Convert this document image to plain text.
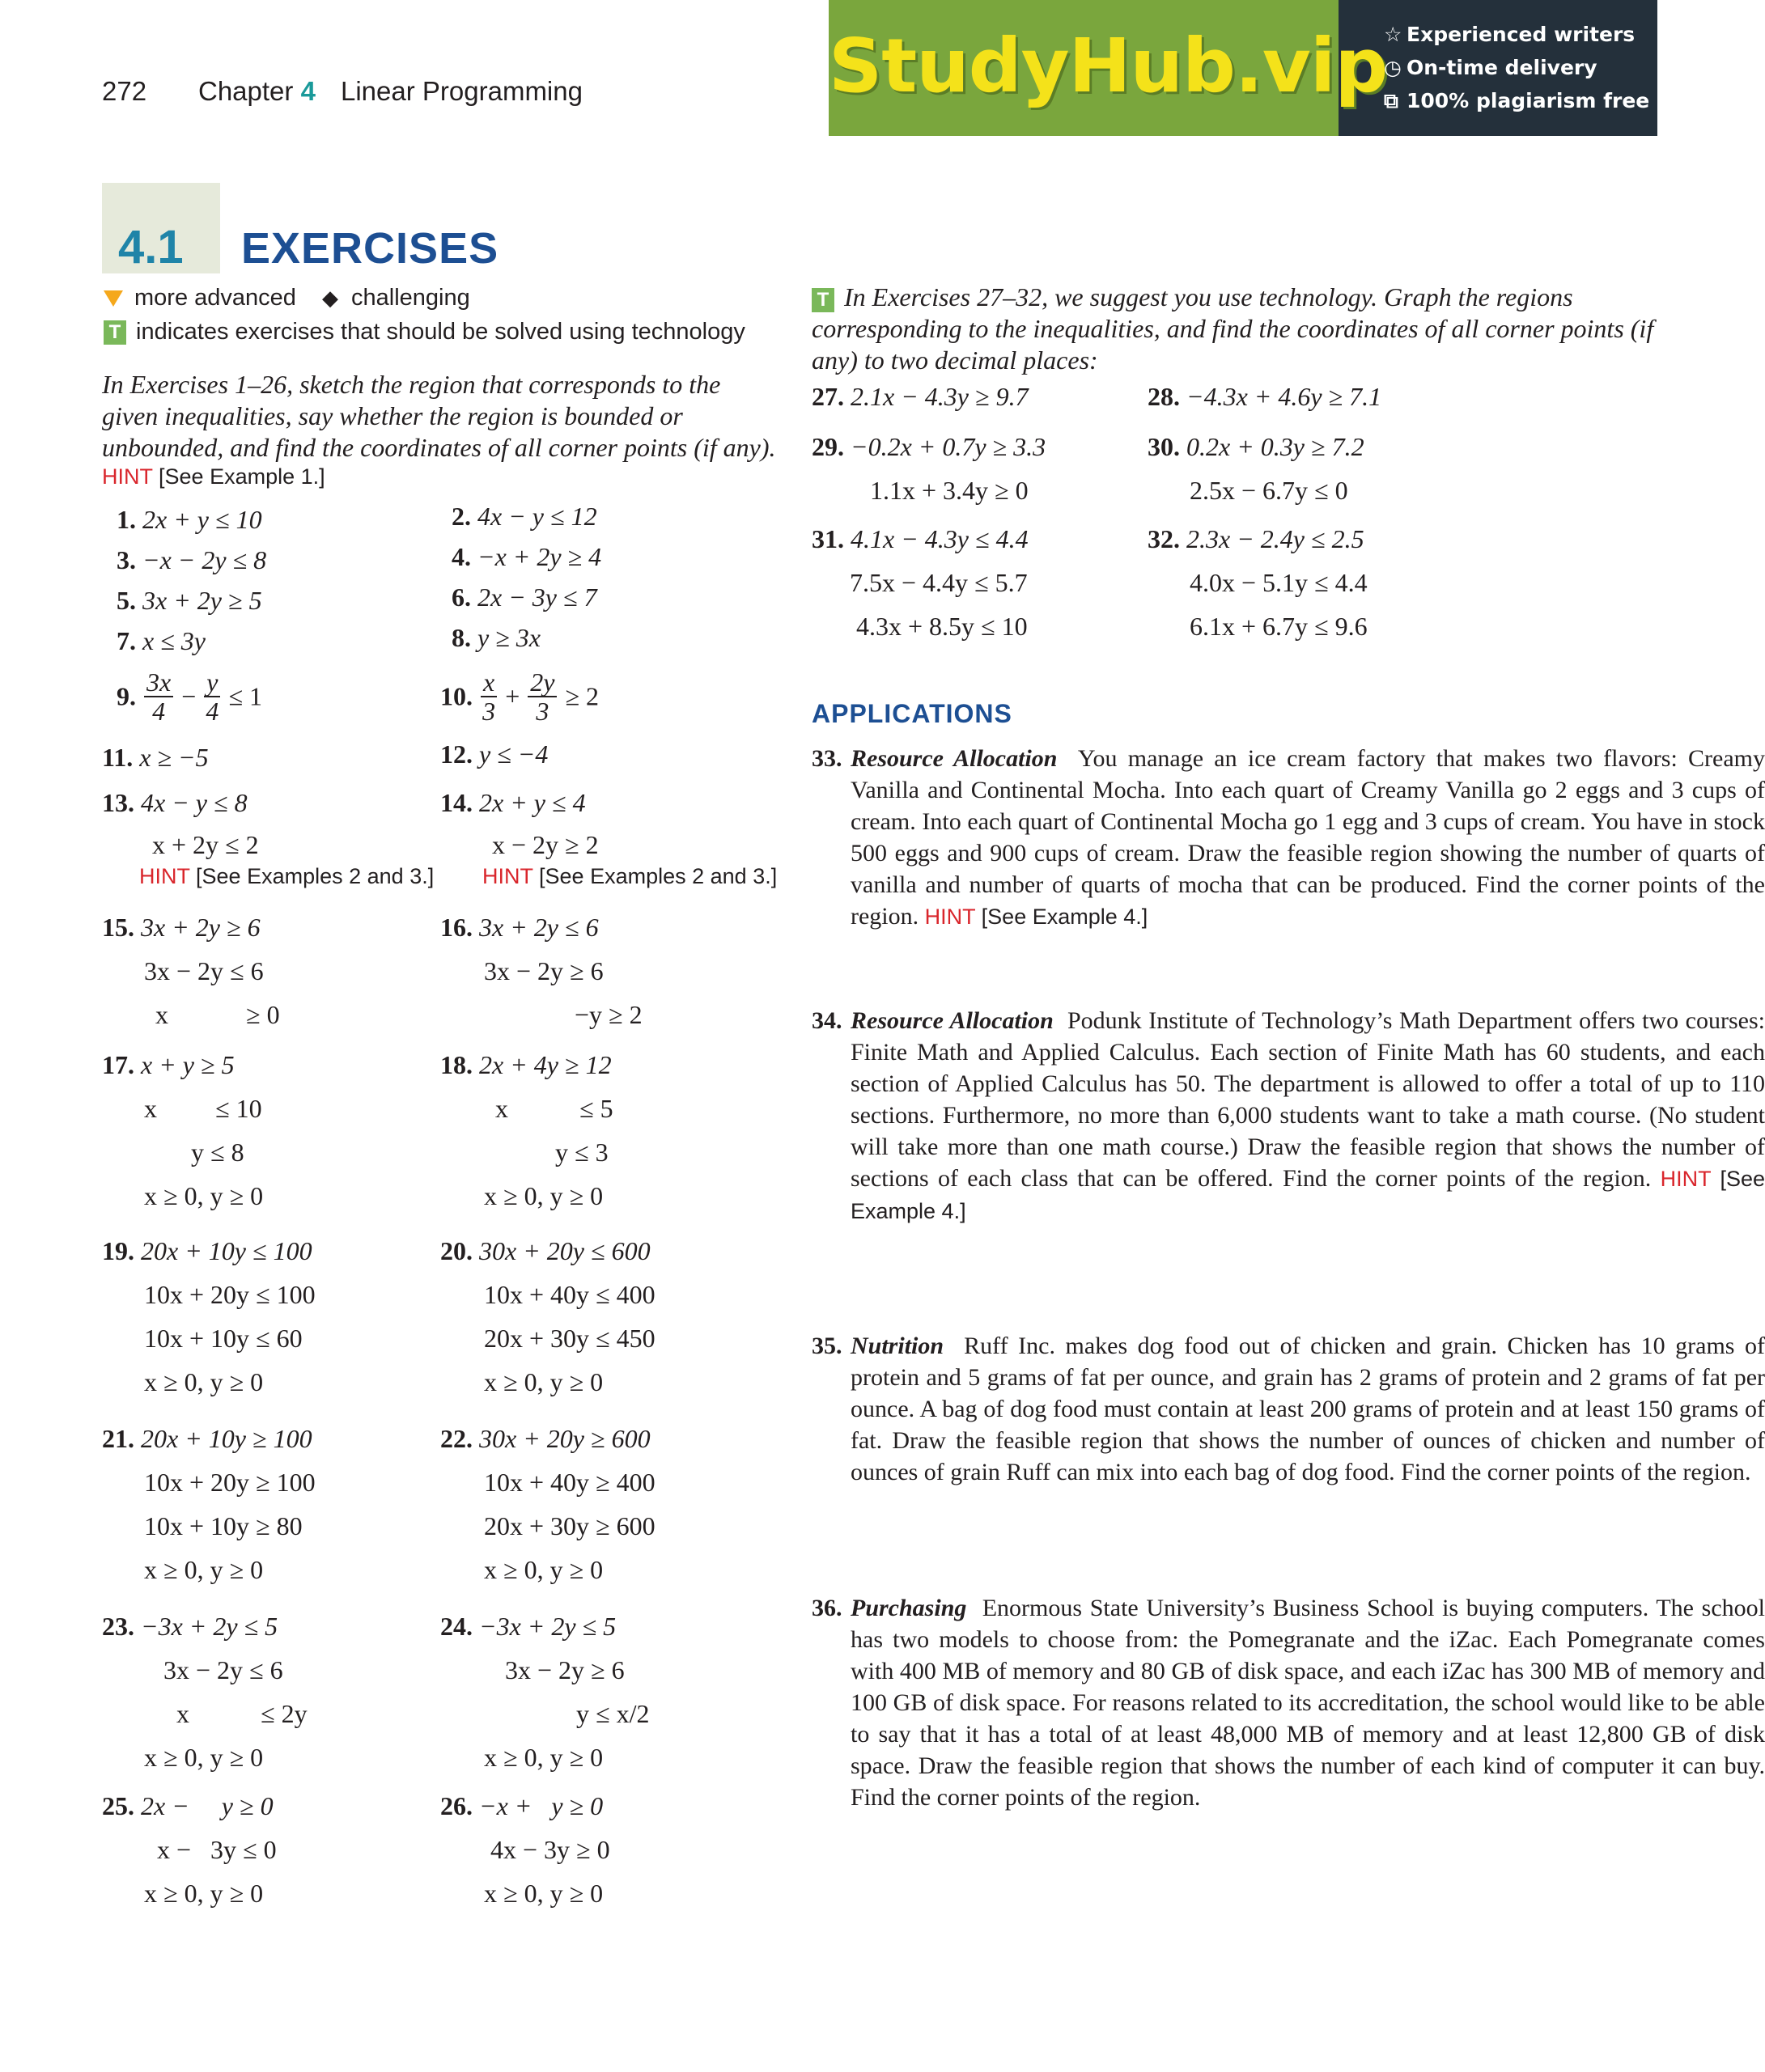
272 Chapter 4 Linear Programming	StudyHub.vip
☆ Experienced writers
◷ On-time delivery
⧉ 100% plagiarism free
4.1 EXERCISES
more advanced ◆ challenging
T indicates exercises that should be solved using technology
In Exercises 1–26, sketch the region that corresponds to the given inequalities, say whether the region is bounded or unbounded, and find the coordinates of all corner points (if any).
HINT [See Example 1.]
1. 2x + y ≤ 10	2. 4x − y ≤ 12
3. −x − 2y ≤ 8	4. −x + 2y ≥ 4
5. 3x + 2y ≥ 5	6. 2x − 3y ≤ 7
7. x ≤ 3y	8. y ≥ 3x
9. $\frac{3x}{4} - \frac{y}{4} \le 1$	10. $\frac{x}{3} + \frac{2y}{3} \ge 2$
11. x ≥ −5	12. y ≤ −4
13. 4x − y ≤ 8
x + 2y ≤ 2
HINT [See Examples 2 and 3.]
14. 2x + y ≤ 4
x − 2y ≥ 2
HINT [See Examples 2 and 3.]
15. 3x + 2y ≥ 6
3x − 2y ≤ 6
x            ≥ 0
16. 3x + 2y ≤ 6
3x − 2y ≥ 6
−y ≥ 2
17. x + y ≥ 5
x         ≤ 10
y ≤ 8
x ≥ 0, y ≥ 0
18. 2x + 4y ≥ 12
x           ≤ 5
y ≤ 3
x ≥ 0, y ≥ 0
19. 20x + 10y ≤ 100
10x + 20y ≤ 100
10x + 10y ≤ 60
x ≥ 0, y ≥ 0
20. 30x + 20y ≤ 600
10x + 40y ≤ 400
20x + 30y ≤ 450
x ≥ 0, y ≥ 0
21. 20x + 10y ≥ 100
10x + 20y ≥ 100
10x + 10y ≥ 80
x ≥ 0, y ≥ 0
22. 30x + 20y ≥ 600
10x + 40y ≥ 400
20x + 30y ≥ 600
x ≥ 0, y ≥ 0
23. −3x + 2y ≤ 5
3x − 2y ≤ 6
x           ≤ 2y
x ≥ 0, y ≥ 0
24. −3x + 2y ≤ 5
3x − 2y ≥ 6
y ≤ x/2
x ≥ 0, y ≥ 0
25. 2x −     y ≥ 0
x −   3y ≤ 0
x ≥ 0, y ≥ 0
26. −x +   y ≥ 0
4x − 3y ≥ 0
x ≥ 0, y ≥ 0
T In Exercises 27–32, we suggest you use technology. Graph the regions corresponding to the inequalities, and find the coordinates of all corner points (if any) to two decimal places:
27. 2.1x − 4.3y ≥ 9.7	28. −4.3x + 4.6y ≥ 7.1
29. −0.2x + 0.7y ≥ 3.3
1.1x + 3.4y ≥ 0
30. 0.2x + 0.3y ≥ 7.2
2.5x − 6.7y ≤ 0
31. 4.1x − 4.3y ≤ 4.4
7.5x − 4.4y ≤ 5.7
4.3x + 8.5y ≤ 10
32. 2.3x − 2.4y ≤ 2.5
4.0x − 5.1y ≤ 4.4
6.1x + 6.7y ≤ 9.6
APPLICATIONS
33. Resource Allocation You manage an ice cream factory that makes two flavors: Creamy Vanilla and Continental Mocha. Into each quart of Creamy Vanilla go 2 eggs and 3 cups of cream. Into each quart of Continental Mocha go 1 egg and 3 cups of cream. You have in stock 500 eggs and 900 cups of cream. Draw the feasible region showing the number of quarts of vanilla and number of quarts of mocha that can be produced. Find the corner points of the region. HINT [See Example 4.]
34. Resource Allocation Podunk Institute of Technology’s Math Department offers two courses: Finite Math and Applied Calculus. Each section of Finite Math has 60 students, and each section of Applied Calculus has 50. The department is allowed to offer a total of up to 110 sections. Furthermore, no more than 6,000 students want to take a math course. (No student will take more than one math course.) Draw the feasible region that shows the number of sections of each class that can be offered. Find the corner points of the region. HINT [See Example 4.]
35. Nutrition Ruff Inc. makes dog food out of chicken and grain. Chicken has 10 grams of protein and 5 grams of fat per ounce, and grain has 2 grams of protein and 2 grams of fat per ounce. A bag of dog food must contain at least 200 grams of protein and at least 150 grams of fat. Draw the feasible region that shows the number of ounces of chicken and number of ounces of grain Ruff can mix into each bag of dog food. Find the corner points of the region.
36. Purchasing Enormous State University’s Business School is buying computers. The school has two models to choose from: the Pomegranate and the iZac. Each Pomegranate comes with 400 MB of memory and 80 GB of disk space, and each iZac has 300 MB of memory and 100 GB of disk space. For reasons related to its accreditation, the school would like to be able to say that it has a total of at least 48,000 MB of memory and at least 12,800 GB of disk space. Draw the feasible region that shows the number of each kind of computer it can buy. Find the corner points of the region.
